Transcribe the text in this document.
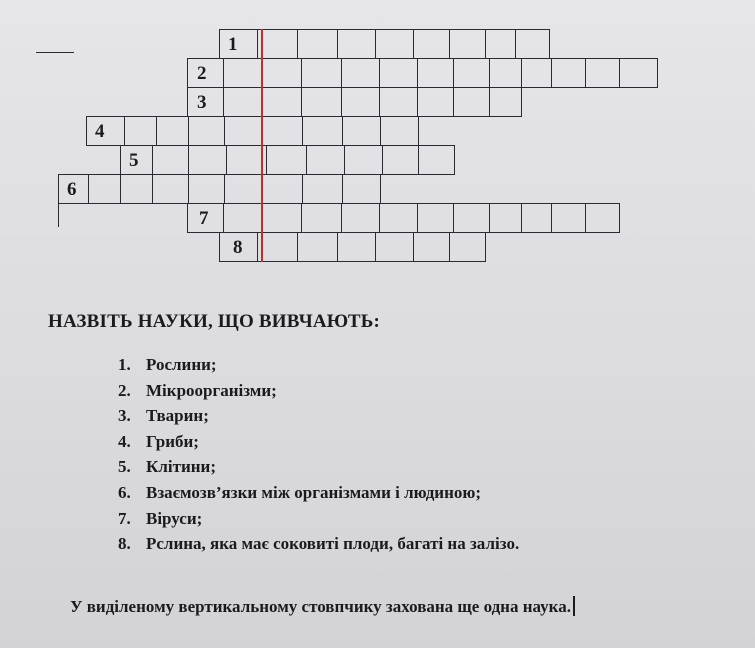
1
2
3
4
5
6
7
8
НАЗВІТЬ НАУКИ, ЩО ВИВЧАЮТЬ:
1. Рослини;
2. Мікроорганізми;
3. Тварин;
4. Гриби;
5. Клітини;
6. Взаємозв’язки між організмами і людиною;
7. Віруси;
8. Рслина, яка має соковиті плоди, багаті на залізо.
У виділеному вертикальному стовпчику захована ще одна наука.
